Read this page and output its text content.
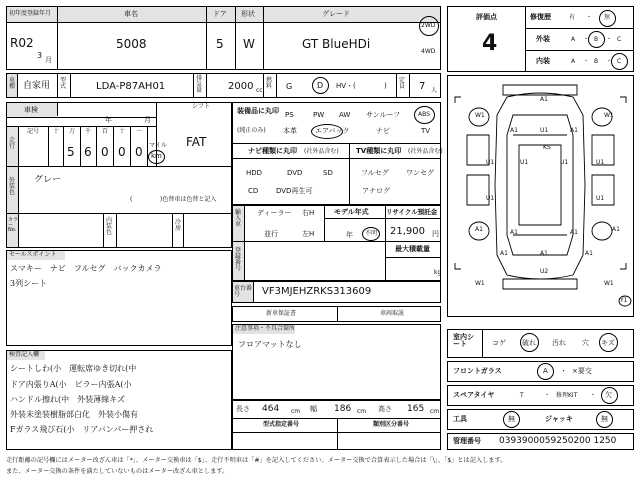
初年度登録年月
R02
3 月
車名
5008
ドア
5
形状
W
グレード
GT BlueHDi
2WD
4WD
車種 自家用
型式	LDA-P87AH01
排気量	2000 cc
燃料 G	D HV・(	)
定員 7 人
車検
年	月
シフト
FAT
走行
記号 十 万 千 百 十 一
5 6 0 0 0 マイル
km
外装色
グレー
(	)色替車は色替と記入
カラーNo.
内装色
冷房
装備品に丸印
(純正のみ)
PS	PW AW サンルーフ	ABS
本革	エアバック	ナビ	TV
ナビ種類に丸印 (社外品含む) TV種類に丸印 (社外品含む)
HDD	DVD	SD
CD	DVD再生可
フルセグ ワンセグ
アナログ
輸入車
ディーラー
並行
右H
左H
モデル年式
年 不明
リサイクル預託金
21,900 円
最大積載量
kg
登録番号
車台番号	VF3MJEHZRKS313609
新車保証書	車両取説
セールスポイント
スマキー　ナビ　フルセグ　バックカメラ
3列シート
注意事項・不具合箇所
フロアマットなし
検査記入欄
シートしわ(小　運転席ゆき切れ(中
ドア内張りA(小　ピラー内張A(小
ハンドル擦れ(中　外装薄線キズ
外装未塗装樹脂部白化　外装小傷有
Fガラス飛び石(小　リアバンパー押され
長さ 464 cm 幅 186 cm 高さ 165 cm
型式指定番号	類別区分番号
評価点
4
修復歴	有 ・ 無
外装	A ・ B ・ C
内装	A ・ B ・ C
A1
U1	U1
U1	U1
U1	U1
A1	A1
A1
A1	A1
U2
U1
A1	A1
A1	A1
W1	W1
W1	W1
KS
Y1
室内シート	コゲ 破れ 汚れ 穴 キズ
フロントガラス	A ・ ×要交
スペアタイヤ	T	・ 修理KIT ・ 欠
工具	無	ジャッキ	無
管理番号 0393900059250200 1250
走行距離の記号欄にはメーター改ざん車は「*」、メーター交換車は「$」、走行不明車は「#」を記入してください。メーター交換で合算表示した場合は「\」、「$」とは記入します。
また、メーター交換の条件を満たしていないものはメーター改ざん車とします。
